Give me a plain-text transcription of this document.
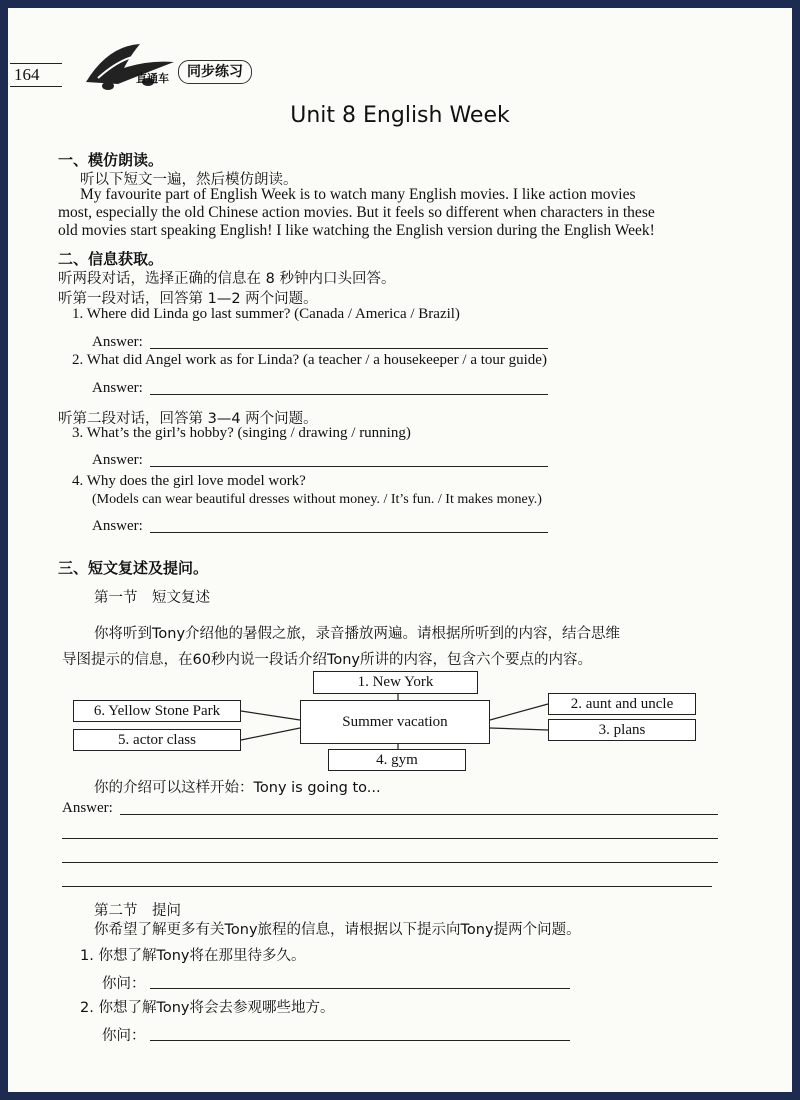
164	直通车	同步练习
Unit 8 English Week
一、模仿朗读。
听以下短文一遍，然后模仿朗读。
My favourite part of English Week is to watch many English movies. I like action movies
most, especially the old Chinese action movies. But it feels so different when characters in these
old movies start speaking English! I like watching the English version during the English Week!
二、信息获取。
听两段对话，选择正确的信息在 8 秒钟内口头回答。
听第一段对话，回答第 1—2 两个问题。
1. Where did Linda go last summer? (Canada / America / Brazil)
Answer:
2. What did Angel work as for Linda? (a teacher / a housekeeper / a tour guide)
Answer:
听第二段对话，回答第 3—4 两个问题。
3. What’s the girl’s hobby? (singing / drawing / running)
Answer:
4. Why does the girl love model work?
(Models can wear beautiful dresses without money. / It’s fun. / It makes money.)
Answer:
三、短文复述及提问。
第一节　短文复述
你将听到Tony介绍他的暑假之旅，录音播放两遍。请根据所听到的内容，结合思维
导图提示的信息，在60秒内说一段话介绍Tony所讲的内容，包含六个要点的内容。
1. New York
Summer vacation
2. aunt and uncle
3. plans
4. gym
5. actor class
6. Yellow Stone Park
你的介绍可以这样开始：Tony is going to...
Answer:
第二节　提问
你希望了解更多有关Tony旅程的信息，请根据以下提示向Tony提两个问题。
1. 你想了解Tony将在那里待多久。
你问：
2. 你想了解Tony将会去参观哪些地方。
你问：
